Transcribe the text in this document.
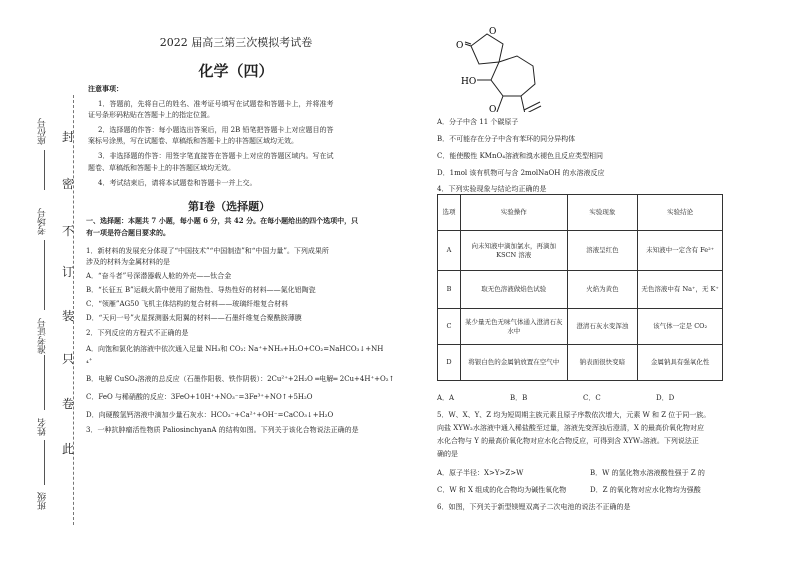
封
密
不
订
装
只
卷
此
座位号
考场号
准考证号
姓名
班级
2022 届高三第三次模拟考试卷
化学（四）
注意事项：
1．答题前，先将自己的姓名、准考证号填写在试题卷和答题卡上，并将准考
证号条形码粘贴在答题卡上的指定位置。
2．选择题的作答：每小题选出答案后，用 2B 铅笔把答题卡上对应题目的答
案标号涂黑，写在试题卷、草稿纸和答题卡上的非答题区域均无效。
3．非选择题的作答：用签字笔直接答在答题卡上对应的答题区域内。写在试
题卷、草稿纸和答题卡上的非答题区域均无效。
4．考试结束后，请将本试题卷和答题卡一并上交。
第Ⅰ卷（选择题）
一、选择题：本题共 7 小题，每小题 6 分，共 42 分。在每小题给出的四个选项中，只
有一项是符合题目要求的。
1．新材料的发展充分体现了“中国技术”“中国制造”和“中国力量”。下列成果所
涉及的材料为金属材料的是
A．“奋斗者”号深潜器载人舱的外壳——钛合金
B．“长征五 B”运载火箭中使用了耐热性、导热性好的材料——氮化铝陶瓷
C．“领雁”AG50 飞机主体结构的复合材料——玻璃纤维复合材料
D．“天问一号”火星探测器太阳翼的材料——石墨纤维复合聚酰胺薄膜
2．下列反应的方程式不正确的是
A．向饱和氯化钠溶液中依次通入足量 NH₃和 CO₂: Na⁺+NH₃+H₂O+CO₂=NaHCO₃↓+NH
₄⁺
B．电解 CuSO₄溶液的总反应（石墨作阳极、铁作阴极）：2Cu²⁺+2H₂O ═电解═ 2Cu+4H⁺+O₂↑
C．FeO 与稀硝酸的反应：3FeO+10H⁺+NO₃⁻=3Fe³⁺+NO↑+5H₂O
D．向硬酸氢钙溶液中滴加少量石灰水：HCO₃⁻+Ca²⁺+OH⁻=CaCO₃↓+H₂O
3．一种抗肿瘤活性物质 PaliosinchyanA 的结构如图。下列关于该化合物说法正确的是
O
O
HO
O
A．分子中含 11 个碳原子
B．不可能存在分子中含有苯环的同分异构体
C．能使酸性 KMnO₄溶液和溴水褪色且反应类型相同
D．1mol 该有机物可与含 2molNaOH 的水溶液反应
4．下列实验现象与结论均正确的是
选项	实验操作	实验现象	实验结论
A	向未知液中滴加氯水，再滴加 KSCN 溶液	溶液呈红色	未知液中一定含有 Fe²⁺
B	取无色溶液做焰色试验	火焰为黄色	无色溶液中有 Na⁺，无 K⁺
C	某少量无色无味气体通入澄清石灰水中	澄清石灰水变浑浊	该气体一定是 CO₂
D	将银白色的金属钠放置在空气中	钠表面很快变暗	金属钠具有强氧化性
A．A	B．B	C．C	D．D
5．W、X、Y、Z 均为短周期主族元素且原子序数依次增大，元素 W 和 Z 位于同一族。
向盐 XYW₂水溶液中通入稀盐酸至过量，溶液先变浑浊后澄清，X 的最高价氧化物对应
水化合物与 Y 的最高价氧化物对应水化合物反应，可得到含 XYW₂溶液。下列说法正
确的是
A．原子半径：X>Y>Z>W	B．W 的氢化物水溶液酸性强于 Z 的
C．W 和 X 组成的化合物均为碱性氧化物	D．Z 的氧化物对应水化物均为强酸
6．如图，下列关于新型镁锂双离子二次电池的说法不正确的是
